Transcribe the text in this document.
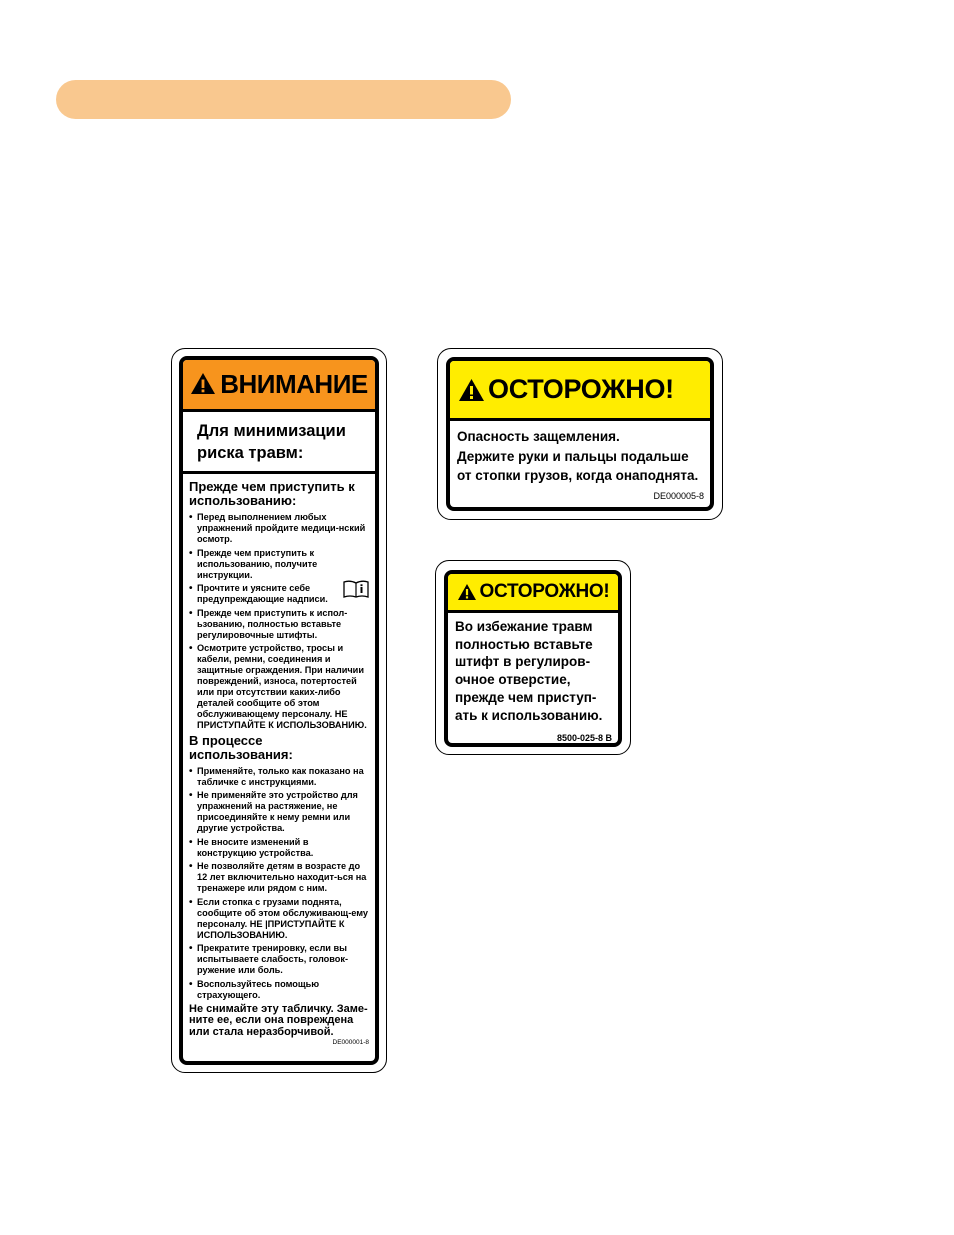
ВНИМАНИЕ
Для минимизации
риска травм:
Прежде чем приступить к использованию:
• Перед выполнением любых упражнений пройдите медици-нский осмотр.
• Прежде чем приступить к использованию, получите инструкции.
• Прочтите и уясните себе предупреждающие надписи.
• Прежде чем приступить к испол-ьзованию, полностью вставьте регулировочные штифты.
• Осмотрите устройство, тросы и кабели, ремни, соединения и защитные ограждения. При наличии повреждений, износа, потертостей или при отсутствии каких-либо деталей сообщите об этом обслуживающему персоналу. НЕ ПРИСТУПАЙТЕ К ИСПОЛЬЗОВАНИЮ.
В процессе использования:
• Применяйте, только как показано на табличке с инструкциями.
• Не применяйте это устройство для упражнений на растяжение, не присоединяйте к нему ремни или другие устройства.
• Не вносите изменений в конструкцию устройства.
• Не позволяйте детям в возрасте до 12 лет включительно находит-ься на тренажере или рядом с ним.
• Если стопка с грузами поднята, сообщите об этом обслуживающ-ему персоналу. НЕ |ПРИСТУПАЙТЕ К ИСПОЛЬЗОВАНИЮ.
• Прекратите тренировку, если вы испытываете слабость, головок-ружение или боль.
• Воспользуйтесь помощью страхующего.
Не снимайте эту табличку. Заме-ните ее, если она повреждена или стала неразборчивой.
DE000001-8
ОСТОРОЖНО!

Опасность защемления.

Держите руки и пальцы подальше от стопки грузов, когда онаподнята.

DE000005-8
ОСТОРОЖНО!
Во избежание травм полностью вставьте штифт в регулиров-очное отверстие, прежде чем приступ-ать к использованию.
8500-025-8 B
